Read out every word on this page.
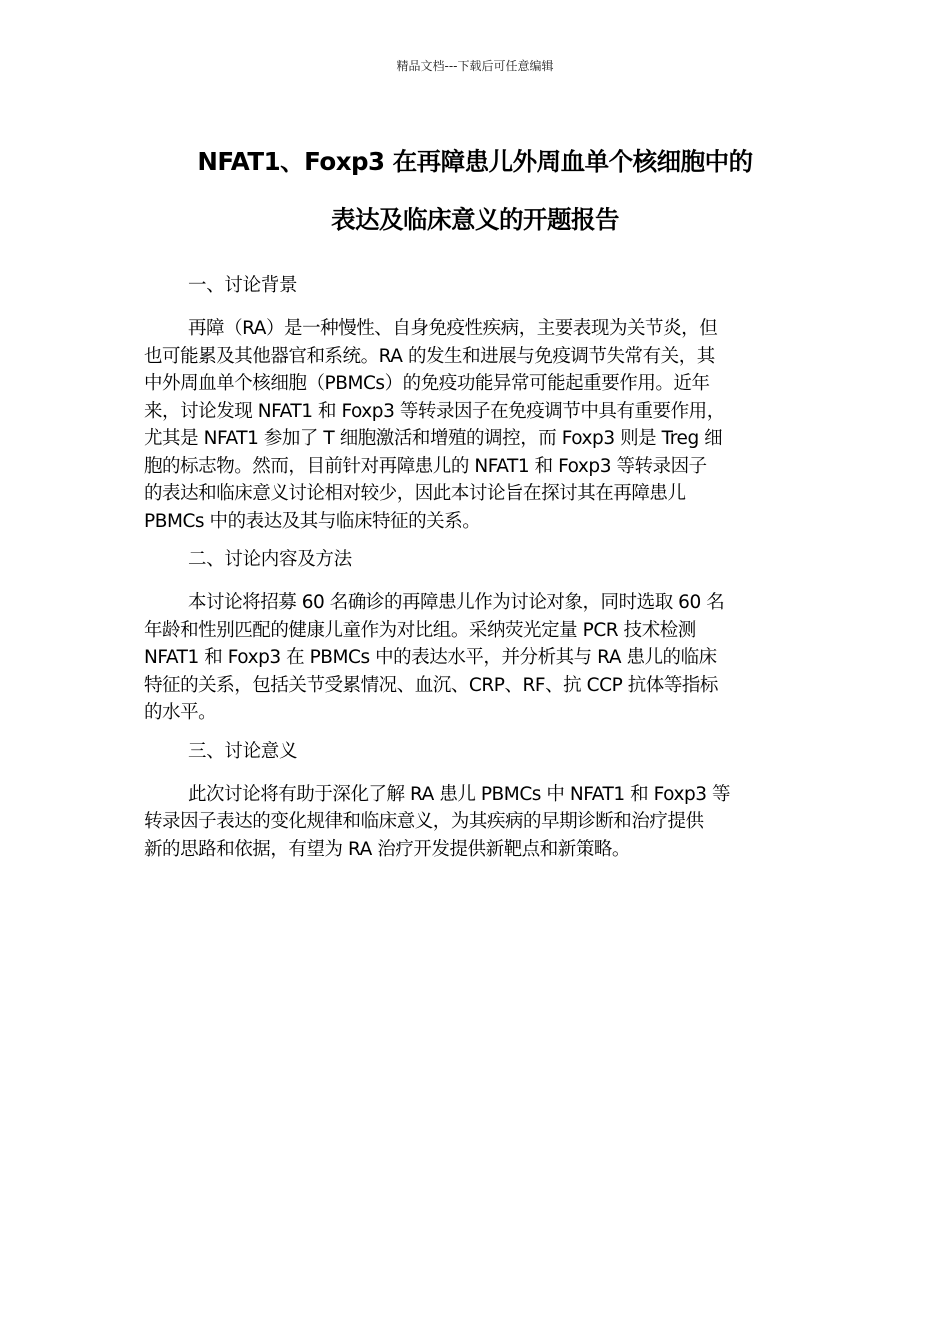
精品文档---下载后可任意编辑
NFAT1、Foxp3 在再障患儿外周血单个核细胞中的
表达及临床意义的开题报告
一、讨论背景

再障（RA）是一种慢性、自身免疫性疾病，主要表现为关节炎，但
也可能累及其他器官和系统。RA 的发生和进展与免疫调节失常有关，其
中外周血单个核细胞（PBMCs）的免疫功能异常可能起重要作用。近年
来，讨论发现 NFAT1 和 Foxp3 等转录因子在免疫调节中具有重要作用，
尤其是 NFAT1 参加了 T 细胞激活和增殖的调控，而 Foxp3 则是 Treg 细
胞的标志物。然而，目前针对再障患儿的 NFAT1 和 Foxp3 等转录因子
的表达和临床意义讨论相对较少，因此本讨论旨在探讨其在再障患儿
PBMCs 中的表达及其与临床特征的关系。

二、讨论内容及方法

本讨论将招募 60 名确诊的再障患儿作为讨论对象，同时选取 60 名
年龄和性别匹配的健康儿童作为对比组。采纳荧光定量 PCR 技术检测
NFAT1 和 Foxp3 在 PBMCs 中的表达水平，并分析其与 RA 患儿的临床
特征的关系，包括关节受累情况、血沉、CRP、RF、抗 CCP 抗体等指标
的水平。

三、讨论意义

此次讨论将有助于深化了解 RA 患儿 PBMCs 中 NFAT1 和 Foxp3 等
转录因子表达的变化规律和临床意义，为其疾病的早期诊断和治疗提供
新的思路和依据，有望为 RA 治疗开发提供新靶点和新策略。
